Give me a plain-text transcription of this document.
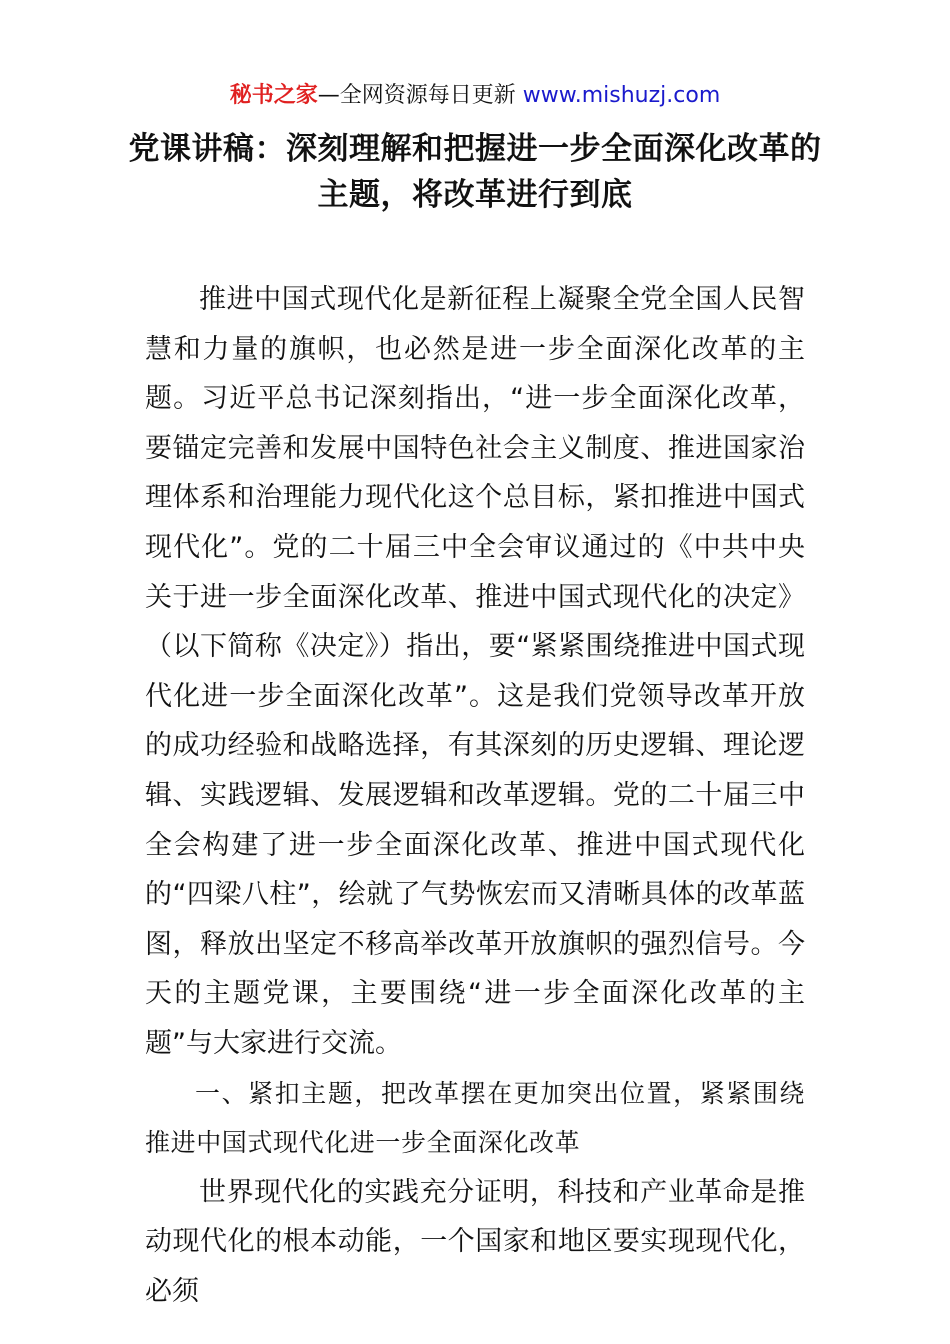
秘书之家—全网资源每日更新 www.mishuzj.com
党课讲稿：深刻理解和把握进一步全面深化改革的主题，将改革进行到底

推进中国式现代化是新征程上凝聚全党全国人民智慧和力量的旗帜，也必然是进一步全面深化改革的主题。习近平总书记深刻指出，“进一步全面深化改革，要锚定完善和发展中国特色社会主义制度、推进国家治理体系和治理能力现代化这个总目标，紧扣推进中国式现代化”。党的二十届三中全会审议通过的《中共中央关于进一步全面深化改革、推进中国式现代化的决定》（以下简称《决定》）指出，要“紧紧围绕推进中国式现代化进一步全面深化改革”。这是我们党领导改革开放的成功经验和战略选择，有其深刻的历史逻辑、理论逻辑、实践逻辑、发展逻辑和改革逻辑。党的二十届三中全会构建了进一步全面深化改革、推进中国式现代化的“四梁八柱”，绘就了气势恢宏而又清晰具体的改革蓝图，释放出坚定不移高举改革开放旗帜的强烈信号。今天的主题党课，主要围绕“进一步全面深化改革的主题”与大家进行交流。

一、紧扣主题，把改革摆在更加突出位置，紧紧围绕推进中国式现代化进一步全面深化改革

世界现代化的实践充分证明，科技和产业革命是推动现代化的根本动能，一个国家和地区要实现现代化，必须
